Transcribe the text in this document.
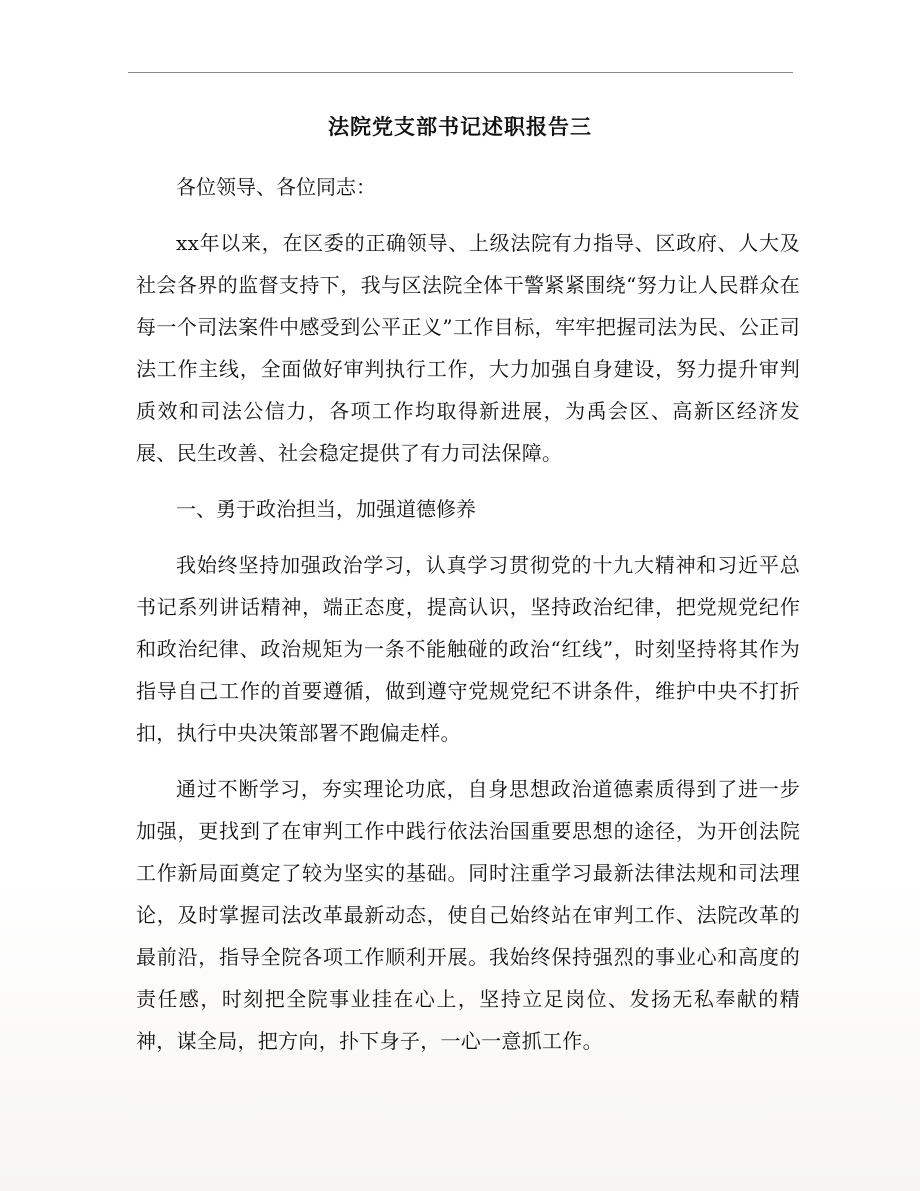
法院党支部书记述职报告三

各位领导、各位同志：

xx年以来，在区委的正确领导、上级法院有力指导、区政府、人大及社会各界的监督支持下，我与区法院全体干警紧紧围绕“努力让人民群众在每一个司法案件中感受到公平正义”工作目标，牢牢把握司法为民、公正司法工作主线，全面做好审判执行工作，大力加强自身建设，努力提升审判质效和司法公信力，各项工作均取得新进展，为禹会区、高新区经济发展、民生改善、社会稳定提供了有力司法保障。

一、勇于政治担当，加强道德修养

我始终坚持加强政治学习，认真学习贯彻党的十九大精神和习近平总书记系列讲话精神，端正态度，提高认识，坚持政治纪律，把党规党纪作和政治纪律、政治规矩为一条不能触碰的政治“红线”，时刻坚持将其作为指导自己工作的首要遵循，做到遵守党规党纪不讲条件，维护中央不打折扣，执行中央决策部署不跑偏走样。

通过不断学习，夯实理论功底，自身思想政治道德素质得到了进一步加强，更找到了在审判工作中践行依法治国重要思想的途径，为开创法院工作新局面奠定了较为坚实的基础。同时注重学习最新法律法规和司法理论，及时掌握司法改革最新动态，使自己始终站在审判工作、法院改革的最前沿，指导全院各项工作顺利开展。我始终保持强烈的事业心和高度的责任感，时刻把全院事业挂在心上，坚持立足岗位、发扬无私奉献的精神，谋全局，把方向，扑下身子，一心一意抓工作。
